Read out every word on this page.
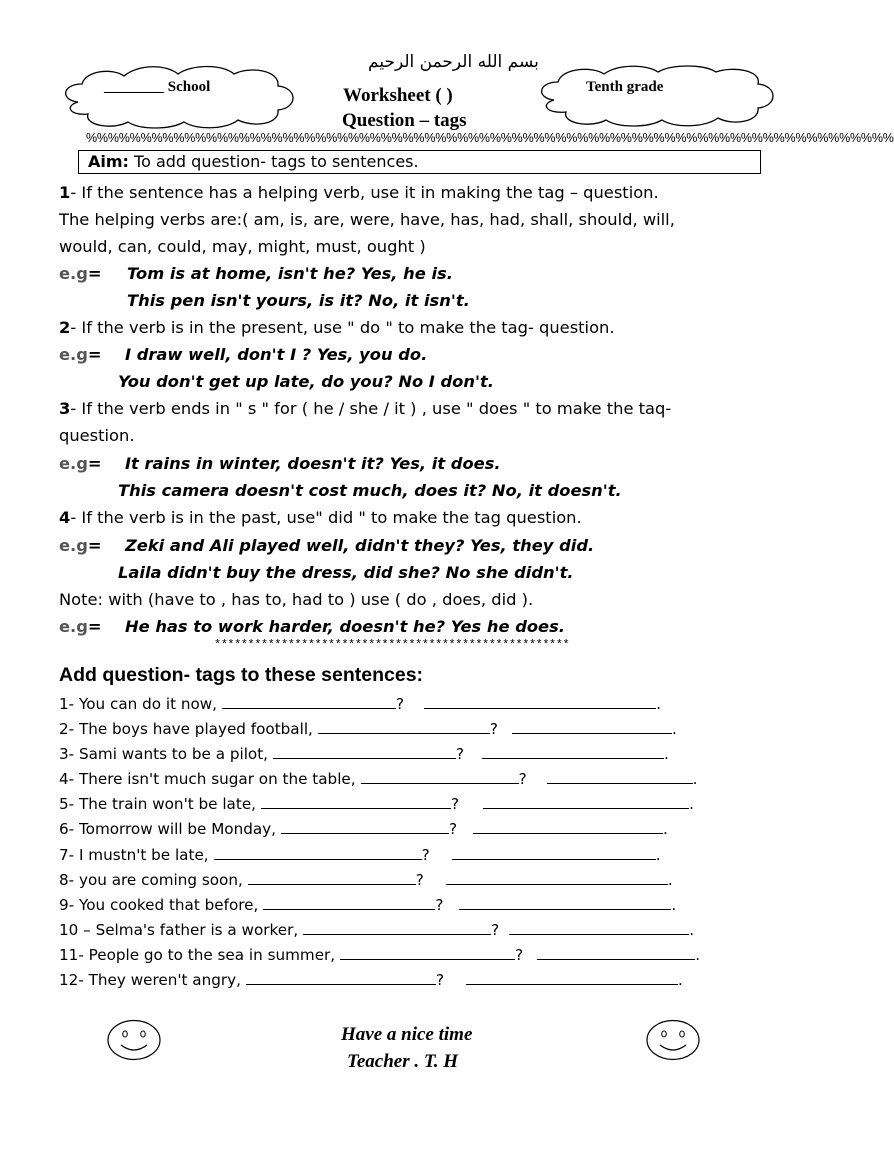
________ School	Tenth grade
بسم الله الرحمن الرحيم
Worksheet ( )
Question – tags
%%%%%%%%%%%%%%%%%%%%%%%%%%%%%%%%%%%%%%%%%%%%%%%%%%%%%%%%%%%%%%%%%%%%%%%%%%
Aim: To add question- tags to sentences.
1- If the sentence has a helping verb, use it in making the tag – question.
The helping verbs are:( am, is, are, were, have, has, had, shall, should, will,
would, can, could, may, might, must, ought )
e.g= Tom is at home, isn't he? Yes, he is.
This pen isn't yours, is it? No, it isn't.
2- If the verb is in the present, use " do " to make the tag- question.
e.g= I draw well, don't I ? Yes, you do.
You don't get up late, do you? No I don't.
3- If the verb ends in " s " for ( he / she / it ) , use " does " to make the taq-
question.
e.g= It rains in winter, doesn't it? Yes, it does.
This camera doesn't cost much, does it? No, it doesn't.
4- If the verb is in the past, use" did " to make the tag question.
e.g= Zeki and Ali played well, didn't they? Yes, they did.
Laila didn't buy the dress, did she? No she didn't.
Note: with (have to , has to, had to ) use ( do , does, did ).
e.g= He has to work harder, doesn't he? Yes he does.
*****************************************************
Add question- tags to these sentences:
1- You can do it now,	?	.
2- The boys have played football,	?	.
3- Sami wants to be a pilot,	?	.
4- There isn't much sugar on the table,	?	.
5- The train won't be late,	?	.
6- Tomorrow will be Monday,	?	.
7- I mustn't be late,	?	.
8- you are coming soon,	?	.
9- You cooked that before,	?	.
10 – Selma's father is a worker,	?	.
11- People go to the sea in summer,	?	.
12- They weren't angry,	?	.
Have a nice time
Teacher . T. H
